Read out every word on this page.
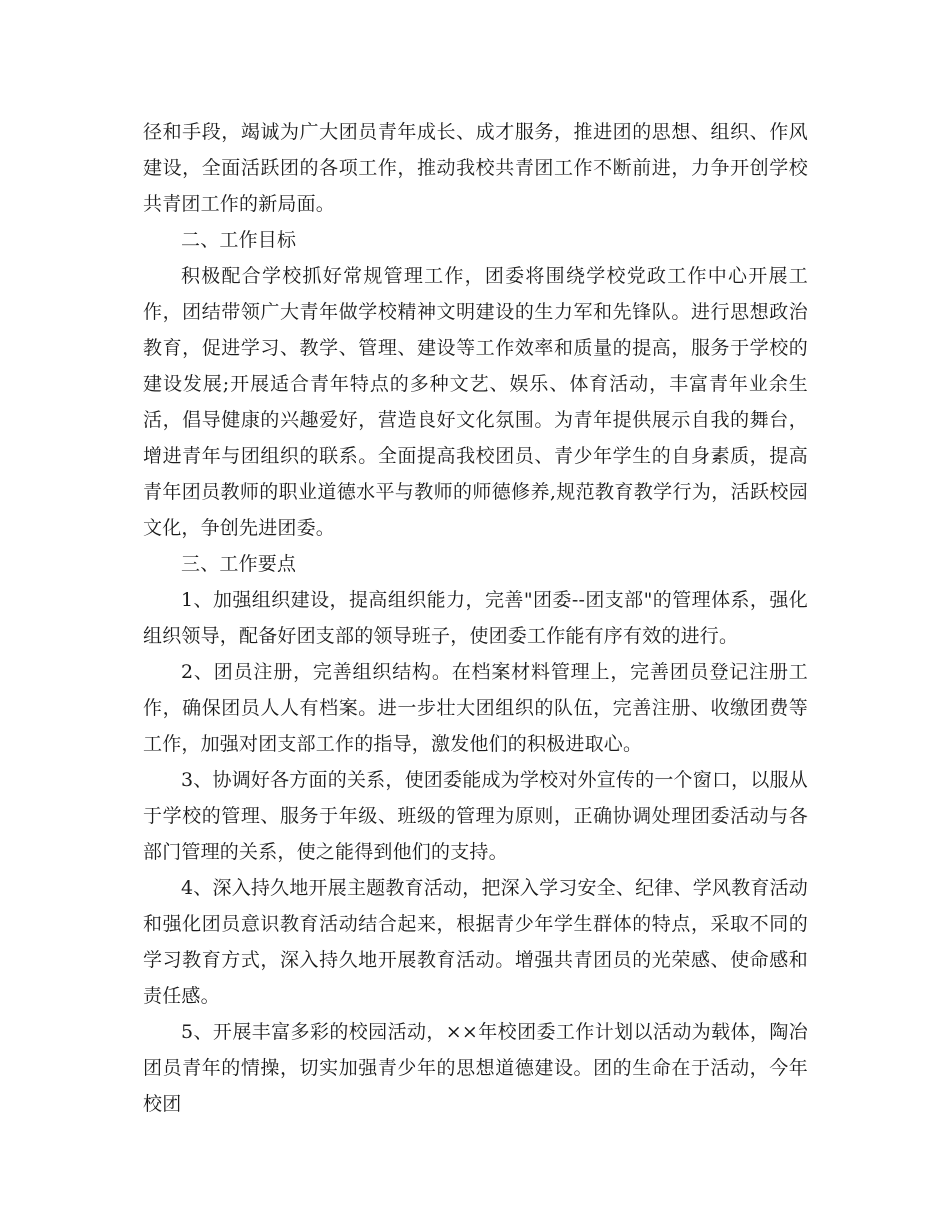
径和手段，竭诚为广大团员青年成长、成才服务，推进团的思想、组织、作风建设，全面活跃团的各项工作，推动我校共青团工作不断前进，力争开创学校共青团工作的新局面。

二、工作目标

积极配合学校抓好常规管理工作，团委将围绕学校党政工作中心开展工作，团结带领广大青年做学校精神文明建设的生力军和先锋队。进行思想政治教育，促进学习、教学、管理、建设等工作效率和质量的提高，服务于学校的建设发展;开展适合青年特点的多种文艺、娱乐、体育活动，丰富青年业余生活，倡导健康的兴趣爱好，营造良好文化氛围。为青年提供展示自我的舞台，增进青年与团组织的联系。全面提高我校团员、青少年学生的自身素质，提高青年团员教师的职业道德水平与教师的师德修养,规范教育教学行为，活跃校园文化，争创先进团委。

三、工作要点

1、加强组织建设，提高组织能力，完善"团委--团支部"的管理体系，强化组织领导，配备好团支部的领导班子，使团委工作能有序有效的进行。

2、团员注册，完善组织结构。在档案材料管理上，完善团员登记注册工作，确保团员人人有档案。进一步壮大团组织的队伍，完善注册、收缴团费等工作，加强对团支部工作的指导，激发他们的积极进取心。

3、协调好各方面的关系，使团委能成为学校对外宣传的一个窗口，以服从于学校的管理、服务于年级、班级的管理为原则，正确协调处理团委活动与各部门管理的关系，使之能得到他们的支持。

4、深入持久地开展主题教育活动，把深入学习安全、纪律、学风教育活动和强化团员意识教育活动结合起来，根据青少年学生群体的特点，采取不同的学习教育方式，深入持久地开展教育活动。增强共青团员的光荣感、使命感和责任感。

5、开展丰富多彩的校园活动，××年校团委工作计划以活动为载体，陶冶团员青年的情操，切实加强青少年的思想道德建设。团的生命在于活动，今年校团
